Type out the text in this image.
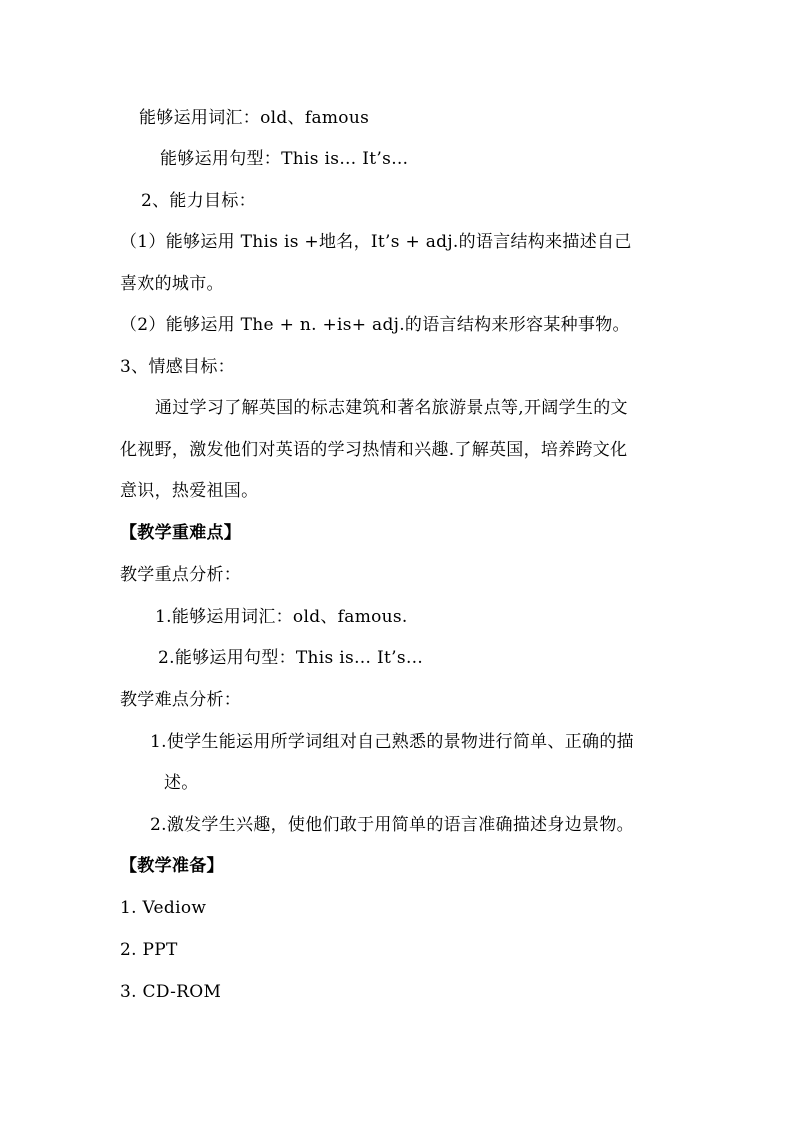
能够运用词汇：old、famous
能够运用句型：This is… It’s…
2、能力目标：
（1）能够运用 This is +地名，It’s + adj.的语言结构来描述自己
喜欢的城市。
（2）能够运用 The + n. +is+ adj.的语言结构来形容某种事物。
3、情感目标：
通过学习了解英国的标志建筑和著名旅游景点等,开阔学生的文
化视野，激发他们对英语的学习热情和兴趣.了解英国，培养跨文化
意识，热爱祖国。
【教学重难点】
教学重点分析：
1.能够运用词汇：old、famous.
2.能够运用句型：This is… It’s…
教学难点分析：
1.使学生能运用所学词组对自己熟悉的景物进行简单、正确的描
述。
2.激发学生兴趣，使他们敢于用简单的语言准确描述身边景物。
【教学准备】
1. Vediow
2. PPT
3. CD-ROM
